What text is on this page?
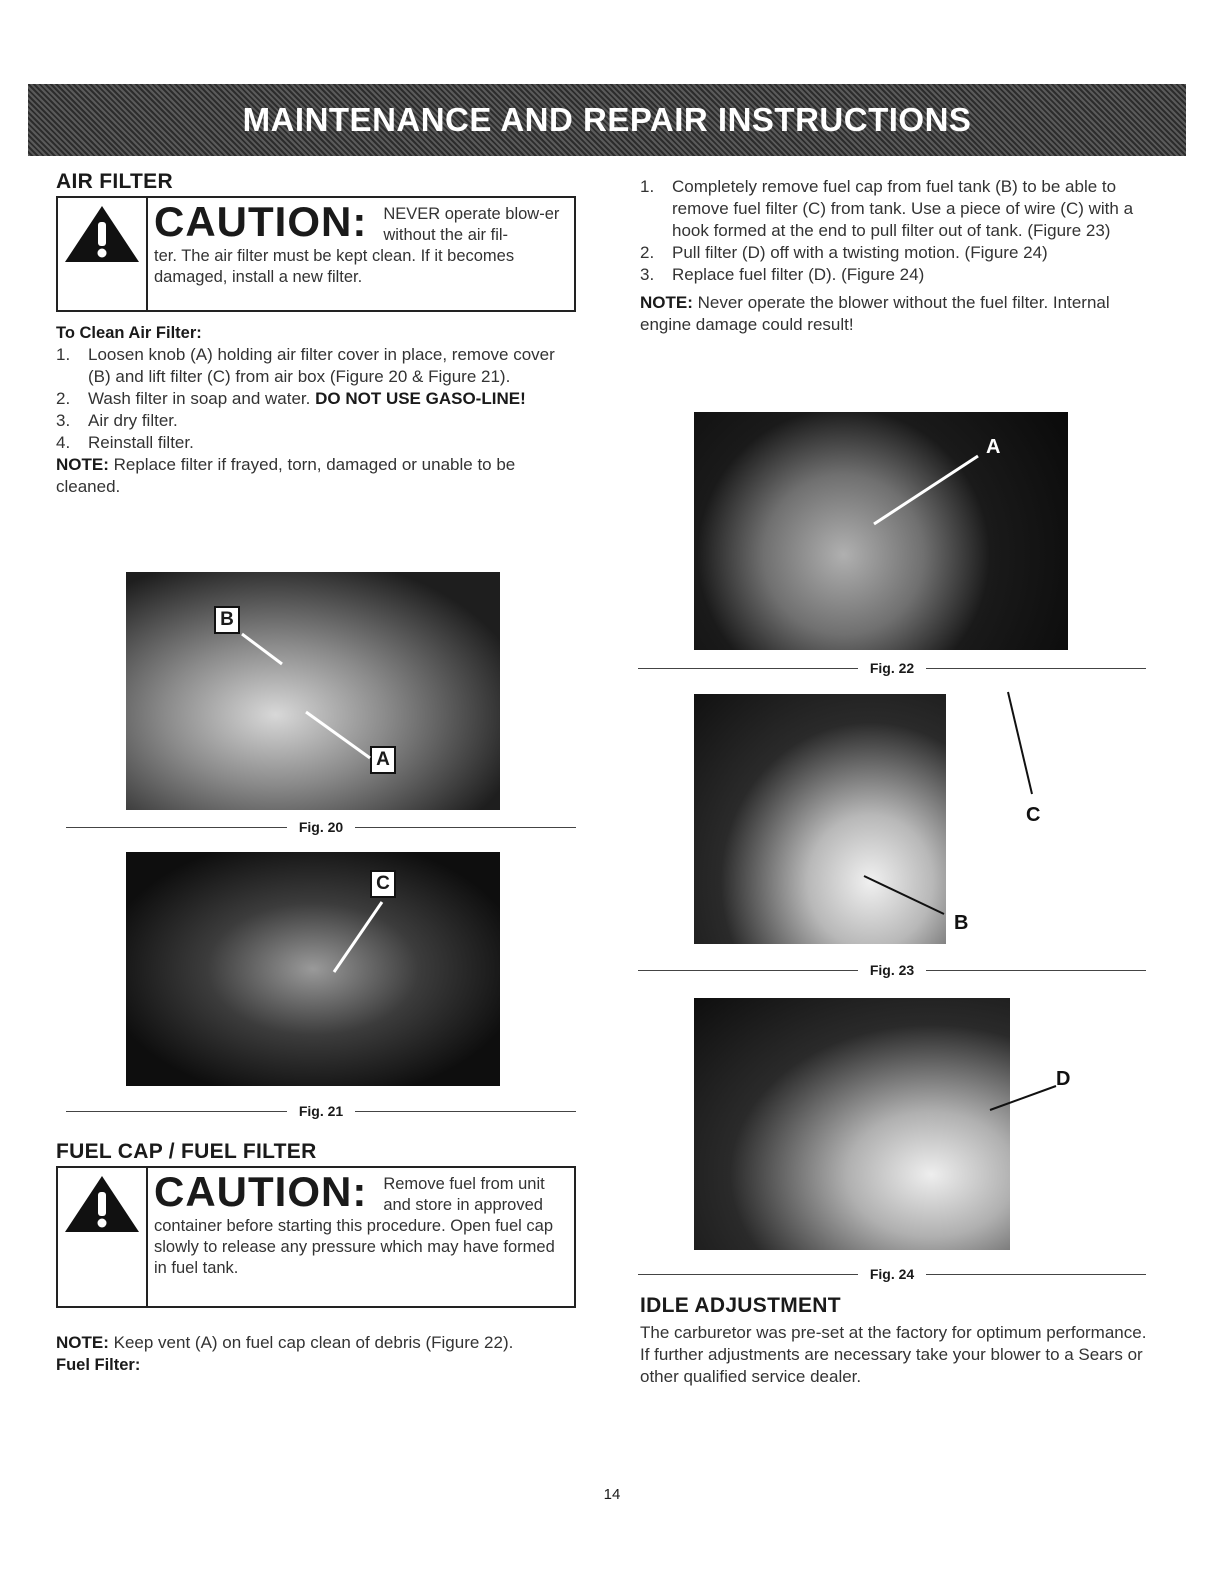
MAINTENANCE AND REPAIR INSTRUCTIONS
AIR FILTER
CAUTION: NEVER operate blow-er without the air fil-
ter. The air filter must be kept clean. If it becomes damaged, install a new filter.
To Clean Air Filter:
1.	Loosen knob (A) holding air filter cover in place, remove cover (B) and lift filter (C) from air box (Figure 20 & Figure 21).
2.	Wash filter in soap and water. DO NOT USE GASO-LINE!
3.	Air dry filter.
4.	Reinstall filter.
NOTE: Replace filter if frayed, torn, damaged or unable to be cleaned.
B
A
Fig. 20
C
Fig. 21
FUEL CAP / FUEL FILTER
CAUTION: Remove fuel from unit and store in approved
container before starting this procedure. Open fuel cap slowly to release any pressure which may have formed in fuel tank.
NOTE: Keep vent (A) on fuel cap clean of debris (Figure 22).
Fuel Filter:
1.	Completely remove fuel cap from fuel tank (B) to be able to remove fuel filter (C) from tank. Use a piece of wire (C) with a hook formed at the end to pull filter out of tank. (Figure 23)
2.	Pull filter (D) off with a twisting motion. (Figure 24)
3.	Replace fuel filter (D). (Figure 24)
NOTE: Never operate the blower without the fuel filter. Internal engine damage could result!
A
Fig. 22
C
B
Fig. 23
D
Fig. 24
IDLE ADJUSTMENT
The carburetor was pre-set at the factory for optimum performance. If further adjustments are necessary take your blower to a Sears or other qualified service dealer.
14
